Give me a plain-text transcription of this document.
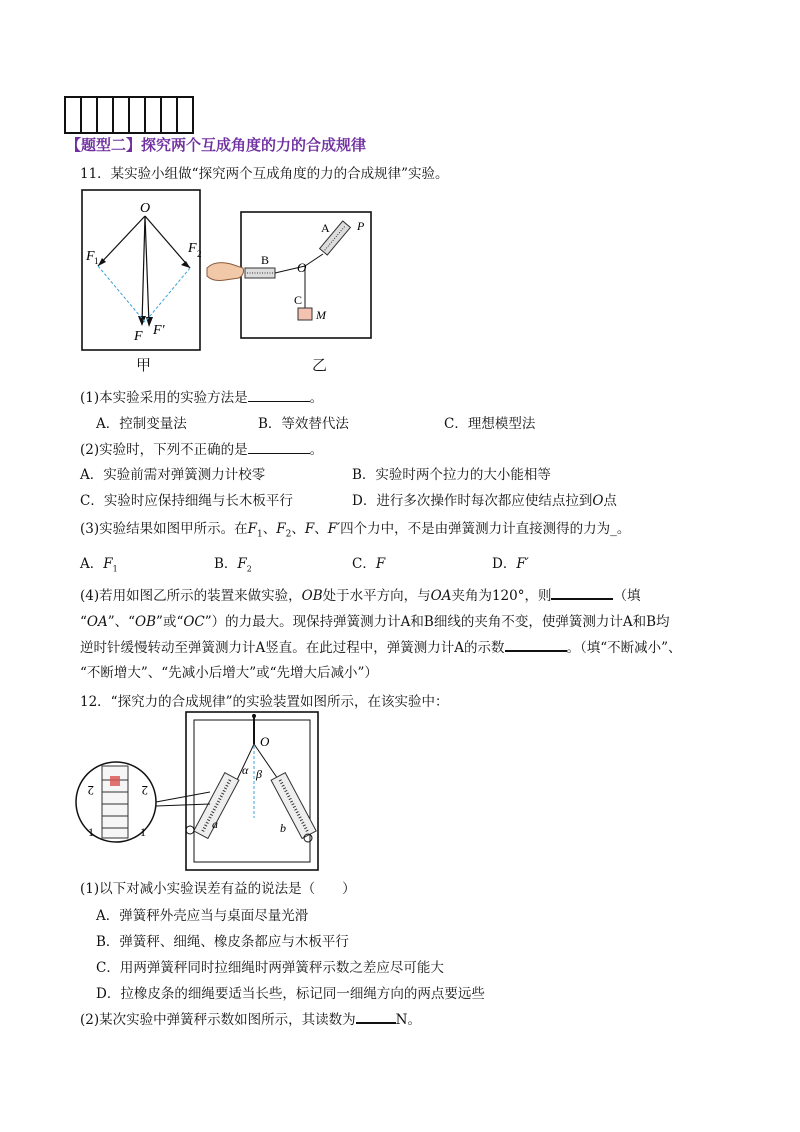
【题型二】探究两个互成角度的力的合成规律
11．某实验小组做“探究两个互成角度的力的合成规律”实验。
O
F 1
F 2
F F′
甲
A P
B O
C
M
乙
(1)本实验采用的实验方法是	。
A．控制变量法	B．等效替代法	C．理想模型法
(2)实验时，下列不正确的是	。
A．实验前需对弹簧测力计校零	B．实验时两个拉力的大小能相等
C．实验时应保持细绳与长木板平行	D．进行多次操作时每次都应使结点拉到O点
(3)实验结果如图甲所示。在$F_1$、$F_2$、F、F′四个力中，不是由弹簧测力计直接测得的力为_。
A．$F_1$	B．$F_2$	C．F	D．F′
(4)若用如图乙所示的装置来做实验，OB处于水平方向，与OA夹角为120°，则	（填
“OA”、“OB”或“OC”）的力最大。现保持弹簧测力计A和B细线的夹角不变，使弹簧测力计A和B均
逆时针缓慢转动至弹簧测力计A竖直。在此过程中，弹簧测力计A的示数	。（填“不断减小”、
“不断增大”、“先减小后增大”或“先增大后减小”）
12．“探究力的合成规律”的实验装置如图所示，在该实验中：
2	2
1	1
O
α β
a	b
(1)以下对减小实验误差有益的说法是（　　）
A．弹簧秤外壳应当与桌面尽量光滑
B．弹簧秤、细绳、橡皮条都应与木板平行
C．用两弹簧秤同时拉细绳时两弹簧秤示数之差应尽可能大
D．拉橡皮条的细绳要适当长些，标记同一细绳方向的两点要远些
(2)某次实验中弹簧秤示数如图所示，其读数为	N。
